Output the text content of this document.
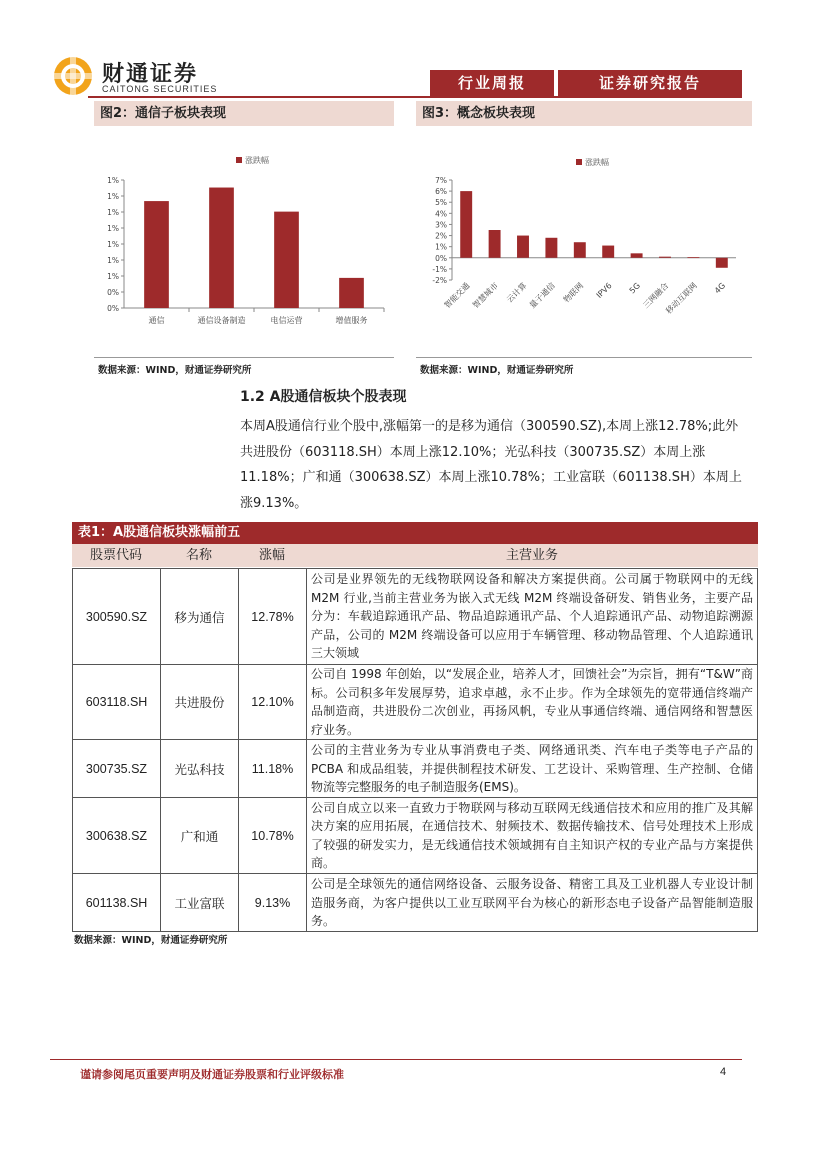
财通证券
CAITONG SECURITIES	行业周报	证券研究报告
图2：通信子板块表现	图3：概念板块表现
涨跌幅
1%
1%
1%
1%
1%
1%
1%
0%
0%
通信	通信设备制造	电信运营	增值服务
涨跌幅
7%
6%
5%
4%
3%
2%
1%
0%
-1%
-2%
智能交通 智慧城市 云计算 量子通信 物联网 IPV6 5G 三网融合
移动互联网 4G
数据来源：WIND，财通证券研究所	数据来源：WIND，财通证券研究所
1.2 A股通信板块个股表现
本周A股通信行业个股中,涨幅第一的是移为通信（300590.SZ),本周上涨12.78%;此外共进股份（603118.SH）本周上涨12.10%；光弘科技（300735.SZ）本周上涨11.18%；广和通（300638.SZ）本周上涨10.78%；工业富联（601138.SH）本周上涨9.13%。
表1：A股通信板块涨幅前五
股票代码	名称	涨幅	主营业务
300590.SZ	移为通信	12.78%	公司是业界领先的无线物联网设备和解决方案提供商。公司属于物联网中的无线 M2M 行业,当前主营业务为嵌入式无线 M2M 终端设备研发、销售业务，主要产品分为：车载追踪通讯产品、物品追踪通讯产品、个人追踪通讯产品、动物追踪溯源产品，公司的 M2M 终端设备可以应用于车辆管理、移动物品管理、个人追踪通讯三大领域
603118.SH	共进股份	12.10%	公司自 1998 年创始，以“发展企业，培养人才，回馈社会”为宗旨，拥有“T&W”商标。公司积多年发展厚势，追求卓越，永不止步。作为全球领先的宽带通信终端产品制造商，共进股份二次创业，再扬风帆，专业从事通信终端、通信网络和智慧医疗业务。
300735.SZ	光弘科技	11.18%	公司的主营业务为专业从事消费电子类、网络通讯类、汽车电子类等电子产品的 PCBA 和成品组装，并提供制程技术研发、工艺设计、采购管理、生产控制、仓储物流等完整服务的电子制造服务(EMS)。
300638.SZ	广和通	10.78%	公司自成立以来一直致力于物联网与移动互联网无线通信技术和应用的推广及其解决方案的应用拓展，在通信技术、射频技术、数据传输技术、信号处理技术上形成了较强的研发实力，是无线通信技术领域拥有自主知识产权的专业产品与方案提供商。
601138.SH	工业富联	9.13%	公司是全球领先的通信网络设备、云服务设备、精密工具及工业机器人专业设计制造服务商，为客户提供以工业互联网平台为核心的新形态电子设备产品智能制造服务。
数据来源：WIND，财通证券研究所
谨请参阅尾页重要声明及财通证券股票和行业评级标准	4
